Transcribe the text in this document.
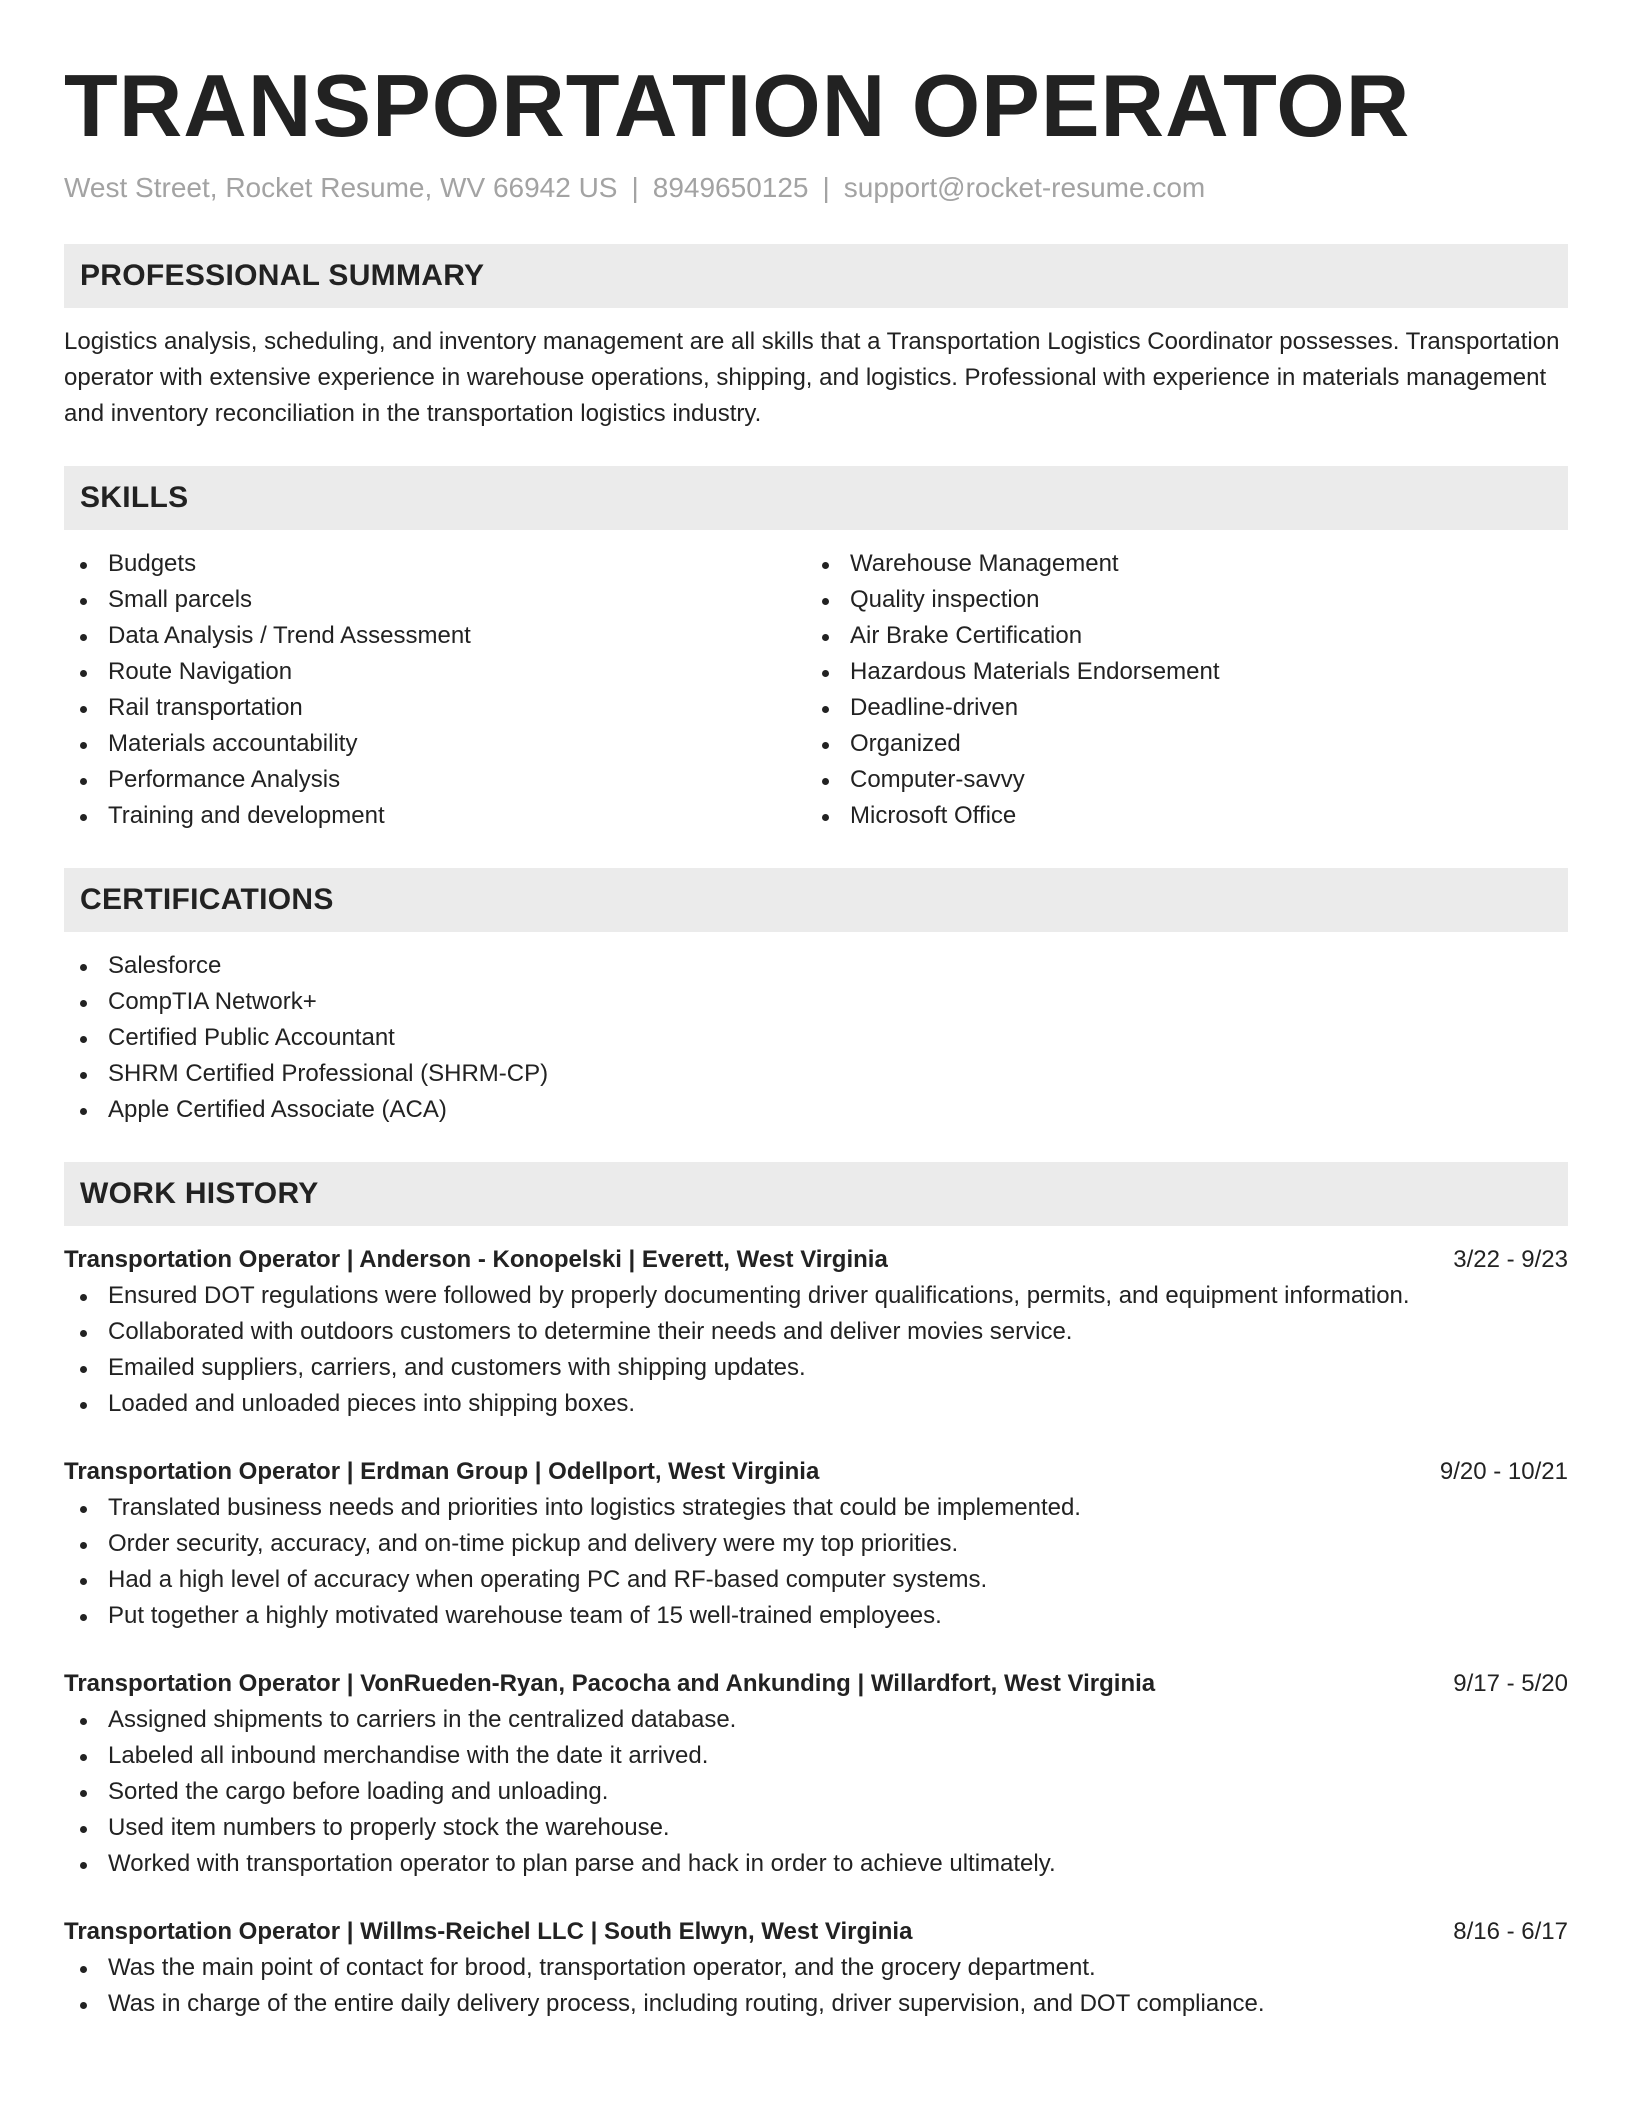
TRANSPORTATION OPERATOR
West Street, Rocket Resume, WV 66942 US | 8949650125 | support@rocket-resume.com
PROFESSIONAL SUMMARY

Logistics analysis, scheduling, and inventory management are all skills that a Transportation Logistics Coordinator possesses. Transportation operator with extensive experience in warehouse operations, shipping, and logistics. Professional with experience in materials management and inventory reconciliation in the transportation logistics industry.

SKILLS
Budgets
Small parcels
Data Analysis / Trend Assessment
Route Navigation
Rail transportation
Materials accountability
Performance Analysis
Training and development
Warehouse Management
Quality inspection
Air Brake Certification
Hazardous Materials Endorsement
Deadline-driven
Organized
Computer-savvy
Microsoft Office
CERTIFICATIONS
Salesforce
CompTIA Network+
Certified Public Accountant
SHRM Certified Professional (SHRM-CP)
Apple Certified Associate (ACA)
WORK HISTORY
Transportation Operator | Anderson - Konopelski | Everett, West Virginia	3/22 - 9/23
Ensured DOT regulations were followed by properly documenting driver qualifications, permits, and equipment information.
Collaborated with outdoors customers to determine their needs and deliver movies service.
Emailed suppliers, carriers, and customers with shipping updates.
Loaded and unloaded pieces into shipping boxes.
Transportation Operator | Erdman Group | Odellport, West Virginia	9/20 - 10/21
Translated business needs and priorities into logistics strategies that could be implemented.
Order security, accuracy, and on-time pickup and delivery were my top priorities.
Had a high level of accuracy when operating PC and RF-based computer systems.
Put together a highly motivated warehouse team of 15 well-trained employees.
Transportation Operator | VonRueden-Ryan, Pacocha and Ankunding | Willardfort, West Virginia	9/17 - 5/20
Assigned shipments to carriers in the centralized database.
Labeled all inbound merchandise with the date it arrived.
Sorted the cargo before loading and unloading.
Used item numbers to properly stock the warehouse.
Worked with transportation operator to plan parse and hack in order to achieve ultimately.
Transportation Operator | Willms-Reichel LLC | South Elwyn, West Virginia	8/16 - 6/17
Was the main point of contact for brood, transportation operator, and the grocery department.
Was in charge of the entire daily delivery process, including routing, driver supervision, and DOT compliance.
